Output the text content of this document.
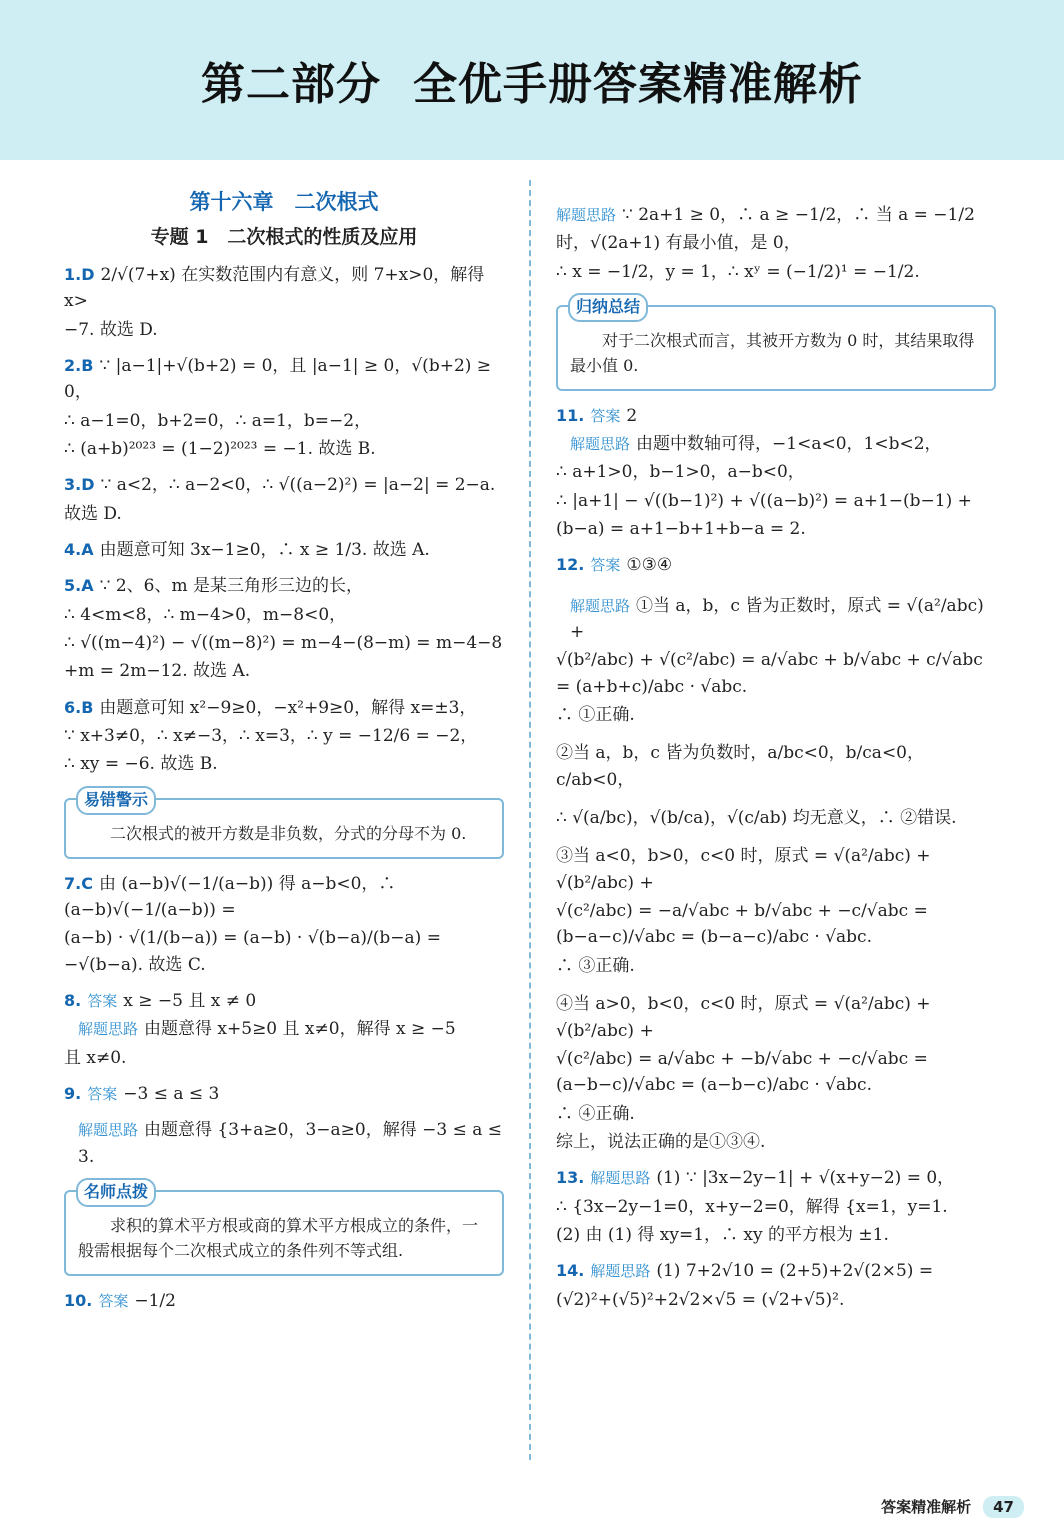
第二部分 全优手册答案精准解析
第十六章　二次根式
专题 1　二次根式的性质及应用
1.D 2/√(7+x) 在实数范围内有意义，则 7+x>0，解得 x>
−7. 故选 D.
2.B ∵ |a−1|+√(b+2) = 0，且 |a−1| ≥ 0，√(b+2) ≥ 0，
∴ a−1=0，b+2=0，∴ a=1，b=−2，
∴ (a+b)²⁰²³ = (1−2)²⁰²³ = −1. 故选 B.
3.D ∵ a<2，∴ a−2<0，∴ √((a−2)²) = |a−2| = 2−a.
故选 D.
4.A 由题意可知 3x−1≥0，∴ x ≥ 1/3. 故选 A.
5.A ∵ 2、6、m 是某三角形三边的长，
∴ 4<m<8，∴ m−4>0，m−8<0，
∴ √((m−4)²) − √((m−8)²) = m−4−(8−m) = m−4−8
+m = 2m−12. 故选 A.
6.B 由题意可知 x²−9≥0，−x²+9≥0，解得 x=±3，
∵ x+3≠0，∴ x≠−3，∴ x=3，∴ y = −12/6 = −2，
∴ xy = −6. 故选 B.
易错警示

二次根式的被开方数是非负数，分式的分母不为 0.

7.C 由 (a−b)√(−1/(a−b)) 得 a−b<0，∴ (a−b)√(−1/(a−b)) =
(a−b) · √(1/(b−a)) = (a−b) · √(b−a)/(b−a) = −√(b−a). 故选 C.
8. 答案 x ≥ −5 且 x ≠ 0
解题思路 由题意得 x+5≥0 且 x≠0，解得 x ≥ −5
且 x≠0.
9. 答案 −3 ≤ a ≤ 3
解题思路 由题意得 {3+a≥0，3−a≥0，解得 −3 ≤ a ≤ 3.
名师点拨

求积的算术平方根或商的算术平方根成立的条件，一般需根据每个二次根式成立的条件列不等式组.

10. 答案 −1/2
解题思路 ∵ 2a+1 ≥ 0，∴ a ≥ −1/2，∴ 当 a = −1/2
时，√(2a+1) 有最小值，是 0，
∴ x = −1/2，y = 1，∴ xʸ = (−1/2)¹ = −1/2.
归纳总结

对于二次根式而言，其被开方数为 0 时，其结果取得最小值 0.

11. 答案 2
解题思路 由题中数轴可得，−1<a<0，1<b<2，
∴ a+1>0，b−1>0，a−b<0，
∴ |a+1| − √((b−1)²) + √((a−b)²) = a+1−(b−1) +
(b−a) = a+1−b+1+b−a = 2.
12. 答案 ①③④
解题思路 ①当 a，b，c 皆为正数时，原式 = √(a²/abc) +
√(b²/abc) + √(c²/abc) = a/√abc + b/√abc + c/√abc = (a+b+c)/abc · √abc.
∴ ①正确.
②当 a，b，c 皆为负数时，a/bc<0，b/ca<0，c/ab<0，
∴ √(a/bc)，√(b/ca)，√(c/ab) 均无意义，∴ ②错误.
③当 a<0，b>0，c<0 时，原式 = √(a²/abc) + √(b²/abc) +
√(c²/abc) = −a/√abc + b/√abc + −c/√abc = (b−a−c)/√abc = (b−a−c)/abc · √abc.
∴ ③正确.
④当 a>0，b<0，c<0 时，原式 = √(a²/abc) + √(b²/abc) +
√(c²/abc) = a/√abc + −b/√abc + −c/√abc = (a−b−c)/√abc = (a−b−c)/abc · √abc.
∴ ④正确.
综上，说法正确的是①③④.
13. 解题思路 (1) ∵ |3x−2y−1| + √(x+y−2) = 0，
∴ {3x−2y−1=0，x+y−2=0，解得 {x=1，y=1.
(2) 由 (1) 得 xy=1，∴ xy 的平方根为 ±1.
14. 解题思路 (1) 7+2√10 = (2+5)+2√(2×5) =
(√2)²+(√5)²+2√2×√5 = (√2+√5)².
答案精准解析 47
